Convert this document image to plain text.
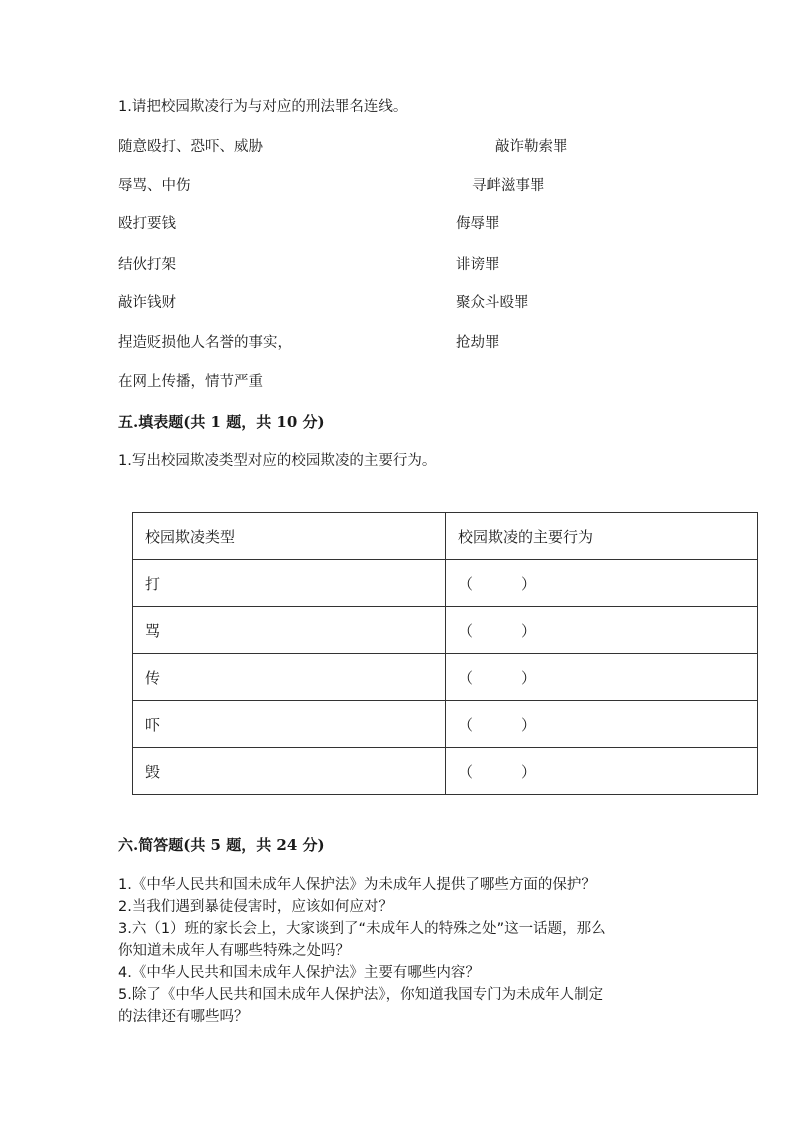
1.请把校园欺凌行为与对应的刑法罪名连线。
随意殴打、恐吓、威胁
辱骂、中伤
殴打要钱
结伙打架
敲诈钱财
捏造贬损他人名誉的事实，
在网上传播，情节严重
敲诈勒索罪
寻衅滋事罪
侮辱罪
诽谤罪
聚众斗殴罪
抢劫罪
五.填表题(共 1 题，共 10 分)
1.写出校园欺凌类型对应的校园欺凌的主要行为。
校园欺凌类型	校园欺凌的主要行为
打	（ ）
骂	（ ）
传	（ ）
吓	（ ）
毁	（ ）
六.简答题(共 5 题，共 24 分)
1.《中华人民共和国未成年人保护法》为未成年人提供了哪些方面的保护？
2.当我们遇到暴徒侵害时，应该如何应对？
3.六（1）班的家长会上，大家谈到了“未成年人的特殊之处”这一话题，那么
你知道未成年人有哪些特殊之处吗？
4.《中华人民共和国未成年人保护法》主要有哪些内容？
5.除了《中华人民共和国未成年人保护法》，你知道我国专门为未成年人制定
的法律还有哪些吗？
